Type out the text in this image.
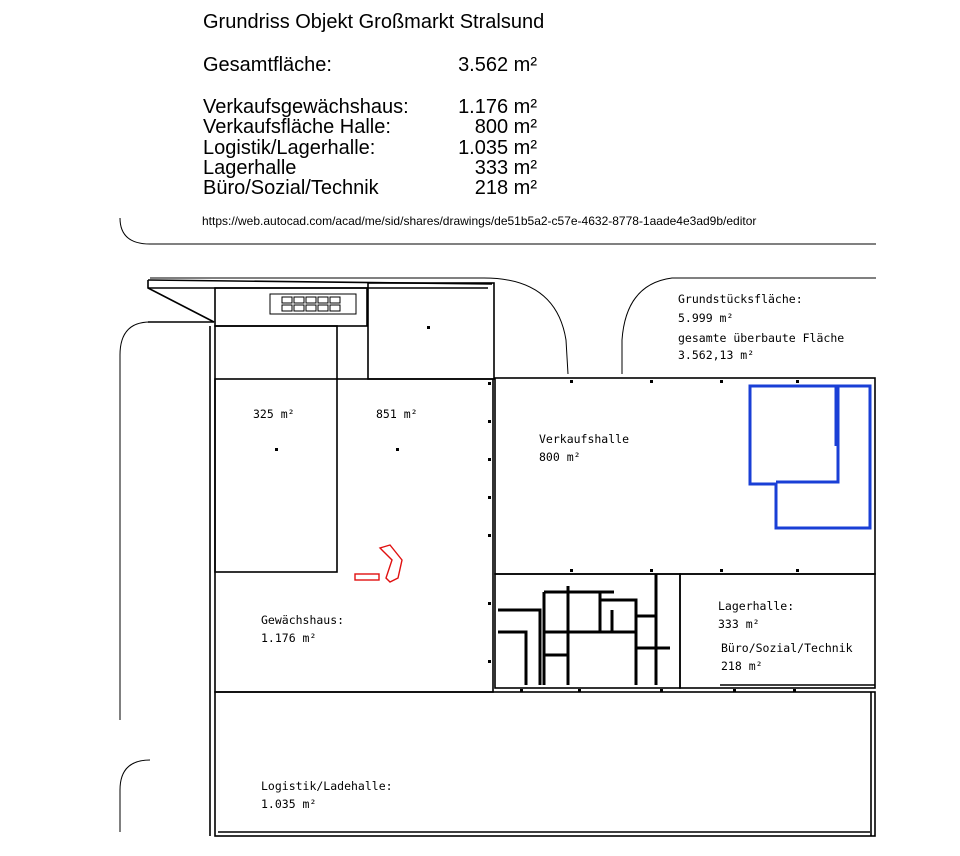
Grundriss Objekt Großmarkt Stralsund
Gesamtfläche:	3.562 m²
Verkaufsgewächshaus:	1.176 m²
Verkaufsfläche Halle:	800 m²
Logistik/Lagerhalle:	1.035 m²
Lagerhalle	333 m²
Büro/Sozial/Technik	218 m²
https://web.autocad.com/acad/me/sid/shares/drawings/de51b5a2-c57e-4632-8778-1aade4e3ad9b/editor
325 m²	851 m²
Verkaufshalle
800 m²
Grundstücksfläche:
5.999 m²
gesamte überbaute Fläche
3.562,13 m²
Gewächshaus:
1.176 m²
Lagerhalle:
333 m²
Büro/Sozial/Technik
218 m²
Logistik/Ladehalle:
1.035 m²
